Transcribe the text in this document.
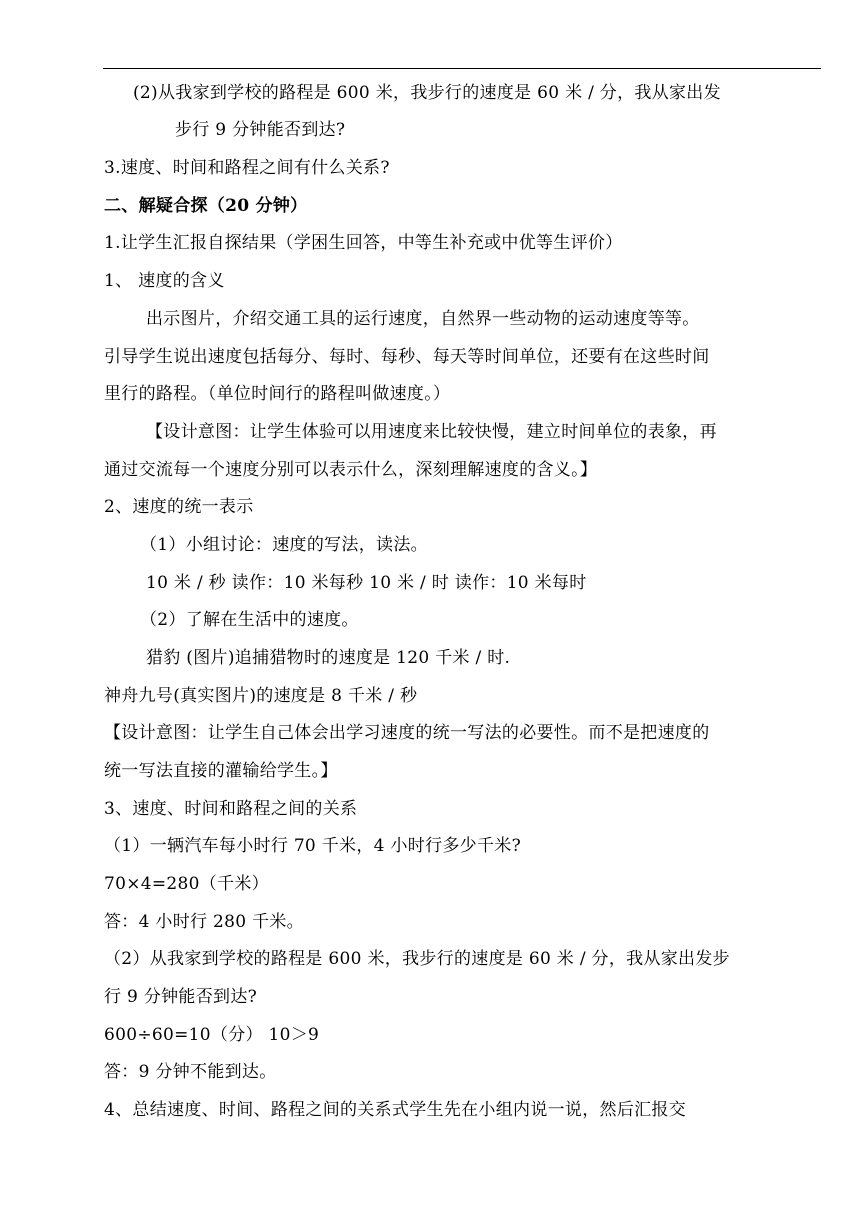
(2)从我家到学校的路程是 600 米，我步行的速度是 60 米 / 分，我从家出发
步行 9 分钟能否到达?
3.速度、时间和路程之间有什么关系?
二、解疑合探（20 分钟）
1.让学生汇报自探结果（学困生回答，中等生补充或中优等生评价）
1、 速度的含义
出示图片，介绍交通工具的运行速度，自然界一些动物的运动速度等等。
引导学生说出速度包括每分、每时、每秒、每天等时间单位，还要有在这些时间
里行的路程。（单位时间行的路程叫做速度。）
【设计意图：让学生体验可以用速度来比较快慢，建立时间单位的表象，再
通过交流每一个速度分别可以表示什么，深刻理解速度的含义。】
2、速度的统一表示
（1）小组讨论：速度的写法，读法。
10 米 / 秒 读作：10 米每秒 10 米 / 时 读作：10 米每时
（2）了解在生活中的速度。
猎豹 (图片)追捕猎物时的速度是 120 千米 / 时.
神舟九号(真实图片)的速度是 8 千米 / 秒
【设计意图：让学生自己体会出学习速度的统一写法的必要性。而不是把速度的
统一写法直接的灌输给学生。】
3、速度、时间和路程之间的关系
（1）一辆汽车每小时行 70 千米，4 小时行多少千米?
70×4=280（千米）
答：4 小时行 280 千米。
（2）从我家到学校的路程是 600 米，我步行的速度是 60 米 / 分，我从家出发步
行 9 分钟能否到达?
600÷60=10（分） 10＞9
答：9 分钟不能到达。
4、总结速度、时间、路程之间的关系式学生先在小组内说一说，然后汇报交
